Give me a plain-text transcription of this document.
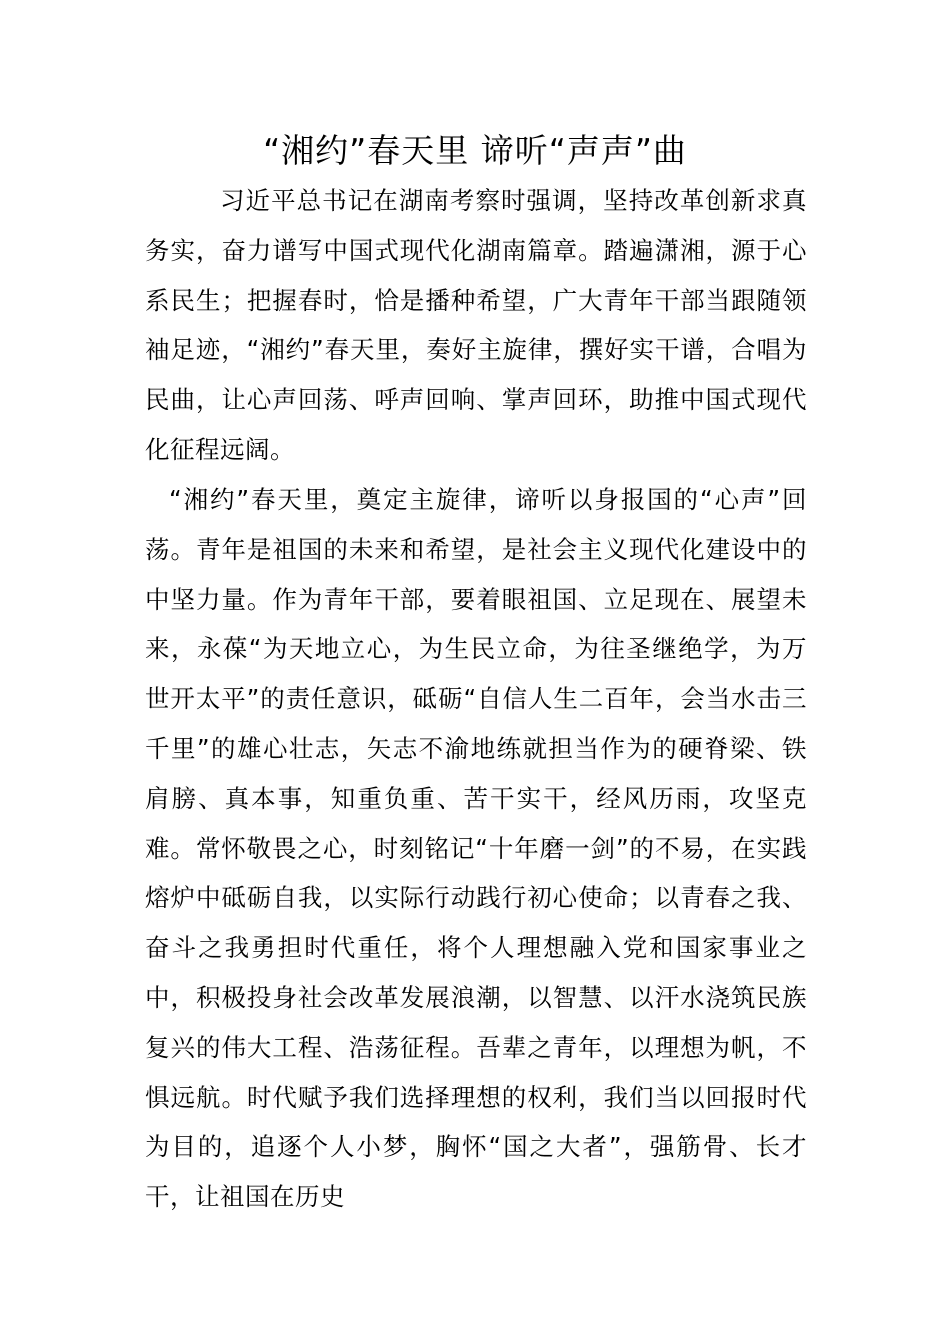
“湘约”春天里 谛听“声声”曲

习近平总书记在湖南考察时强调，坚持改革创新求真务实，奋力谱写中国式现代化湖南篇章。踏遍潇湘，源于心系民生；把握春时，恰是播种希望，广大青年干部当跟随领袖足迹，“湘约”春天里，奏好主旋律，撰好实干谱，合唱为民曲，让心声回荡、呼声回响、掌声回环，助推中国式现代化征程远阔。

“湘约”春天里，奠定主旋律，谛听以身报国的“心声”回荡。青年是祖国的未来和希望，是社会主义现代化建设中的中坚力量。作为青年干部，要着眼祖国、立足现在、展望未来，永葆“为天地立心，为生民立命，为往圣继绝学，为万世开太平”的责任意识，砥砺“自信人生二百年，会当水击三千里”的雄心壮志，矢志不渝地练就担当作为的硬脊梁、铁肩膀、真本事，知重负重、苦干实干，经风历雨，攻坚克难。常怀敬畏之心，时刻铭记“十年磨一剑”的不易，在实践熔炉中砥砺自我，以实际行动践行初心使命；以青春之我、奋斗之我勇担时代重任，将个人理想融入党和国家事业之中，积极投身社会改革发展浪潮，以智慧、以汗水浇筑民族复兴的伟大工程、浩荡征程。吾辈之青年，以理想为帆，不惧远航。时代赋予我们选择理想的权利，我们当以回报时代为目的，追逐个人小梦，胸怀“国之大者”，强筋骨、长才干，让祖国在历史
